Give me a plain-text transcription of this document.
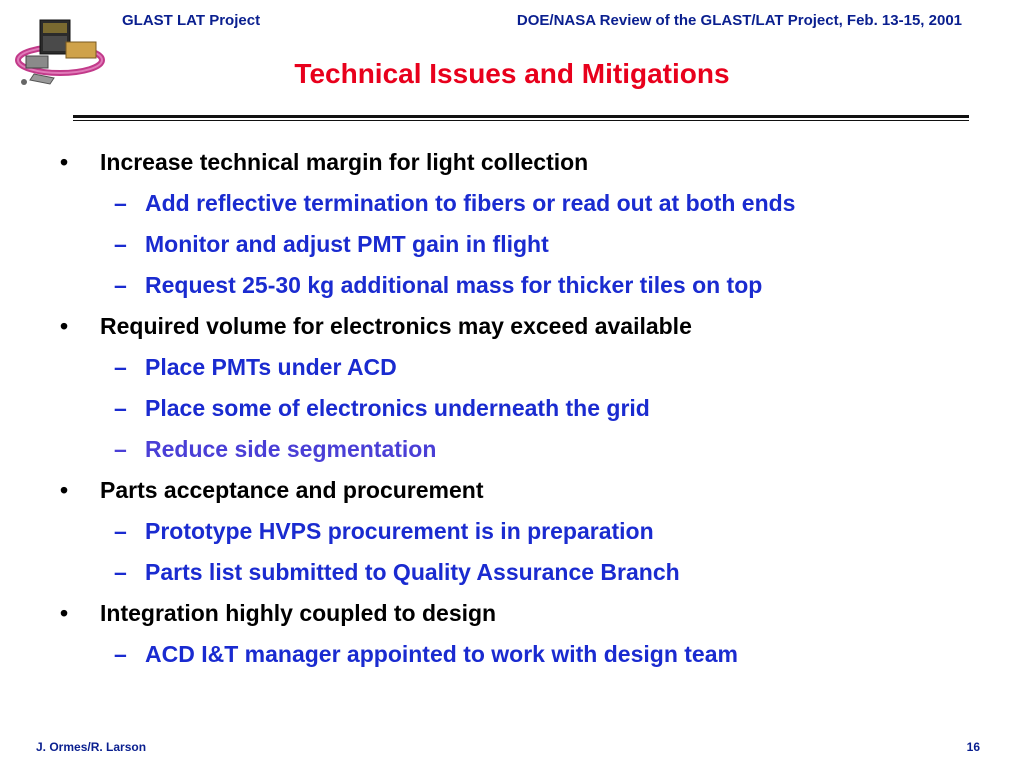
GLAST LAT Project	DOE/NASA Review of the GLAST/LAT Project, Feb. 13-15, 2001
Technical Issues and Mitigations
• Increase technical margin for light collection
– Add reflective termination to fibers or read out at both ends
– Monitor and adjust PMT gain in flight
– Request 25-30 kg additional mass for thicker tiles on top
• Required volume for electronics may exceed available
– Place PMTs under ACD
– Place some of electronics underneath the grid
– Reduce side segmentation
• Parts acceptance and procurement
– Prototype HVPS procurement is in preparation
– Parts list submitted to Quality Assurance Branch
• Integration highly coupled to design
– ACD I&T manager appointed to work with design team
J. Ormes/R. Larson	16
